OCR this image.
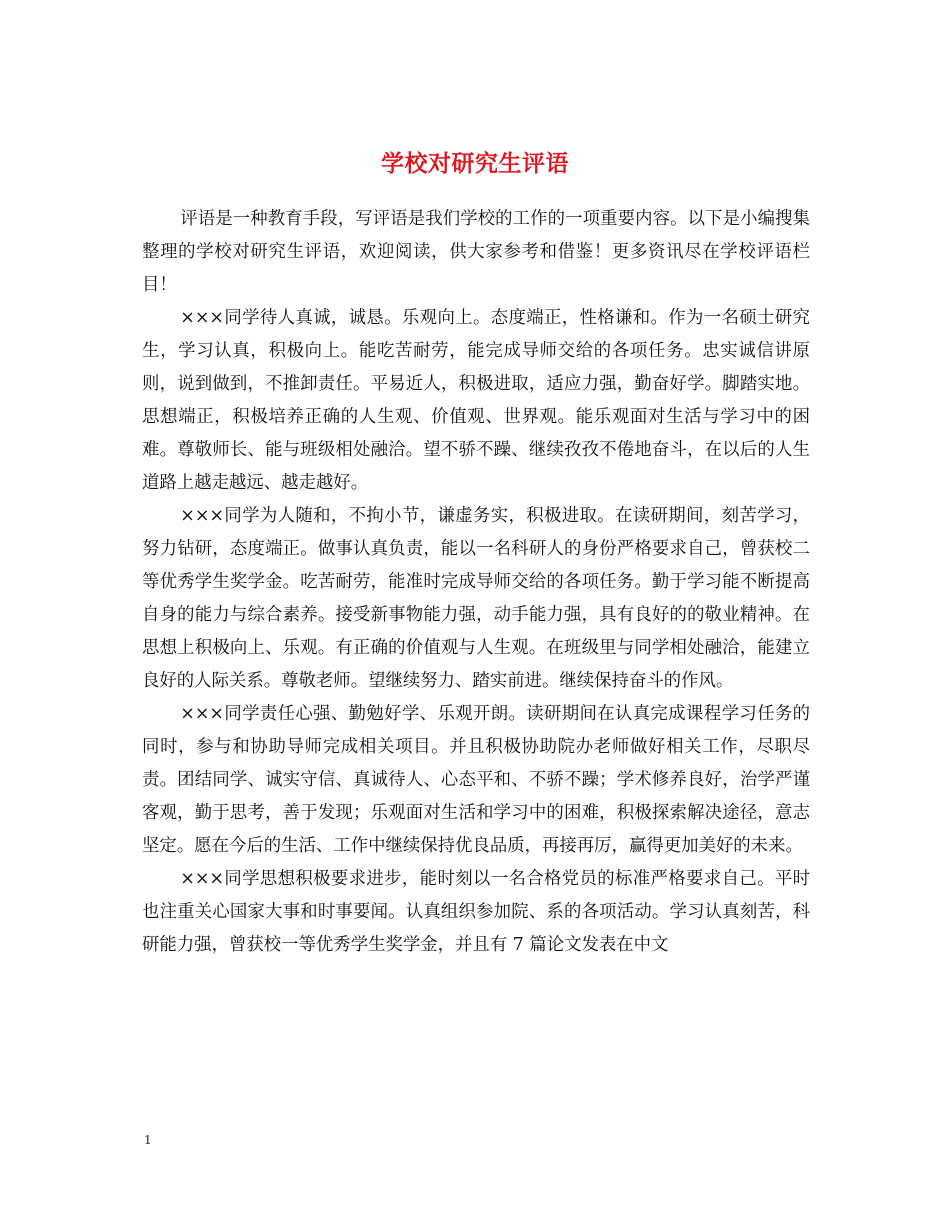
学校对研究生评语

评语是一种教育手段，写评语是我们学校的工作的一项重要内容。以下是小编搜集整理的学校对研究生评语，欢迎阅读，供大家参考和借鉴！更多资讯尽在学校评语栏目！

×××同学待人真诚，诚恳。乐观向上。态度端正，性格谦和。作为一名硕士研究生，学习认真，积极向上。能吃苦耐劳，能完成导师交给的各项任务。忠实诚信讲原则，说到做到，不推卸责任。平易近人，积极进取，适应力强，勤奋好学。脚踏实地。思想端正，积极培养正确的人生观、价值观、世界观。能乐观面对生活与学习中的困难。尊敬师长、能与班级相处融洽。望不骄不躁、继续孜孜不倦地奋斗，在以后的人生道路上越走越远、越走越好。

×××同学为人随和，不拘小节，谦虚务实，积极进取。在读研期间，刻苦学习，努力钻研，态度端正。做事认真负责，能以一名科研人的身份严格要求自己，曾获校二等优秀学生奖学金。吃苦耐劳，能准时完成导师交给的各项任务。勤于学习能不断提高自身的能力与综合素养。接受新事物能力强，动手能力强，具有良好的的敬业精神。在思想上积极向上、乐观。有正确的价值观与人生观。在班级里与同学相处融洽，能建立良好的人际关系。尊敬老师。望继续努力、踏实前进。继续保持奋斗的作风。

×××同学责任心强、勤勉好学、乐观开朗。读研期间在认真完成课程学习任务的同时，参与和协助导师完成相关项目。并且积极协助院办老师做好相关工作，尽职尽责。团结同学、诚实守信、真诚待人、心态平和、不骄不躁；学术修养良好，治学严谨客观，勤于思考，善于发现；乐观面对生活和学习中的困难，积极探索解决途径，意志坚定。愿在今后的生活、工作中继续保持优良品质，再接再厉，赢得更加美好的未来。

×××同学思想积极要求进步，能时刻以一名合格党员的标准严格要求自己。平时也注重关心国家大事和时事要闻。认真组织参加院、系的各项活动。学习认真刻苦，科研能力强，曾获校一等优秀学生奖学金，并且有 7 篇论文发表在中文

1
